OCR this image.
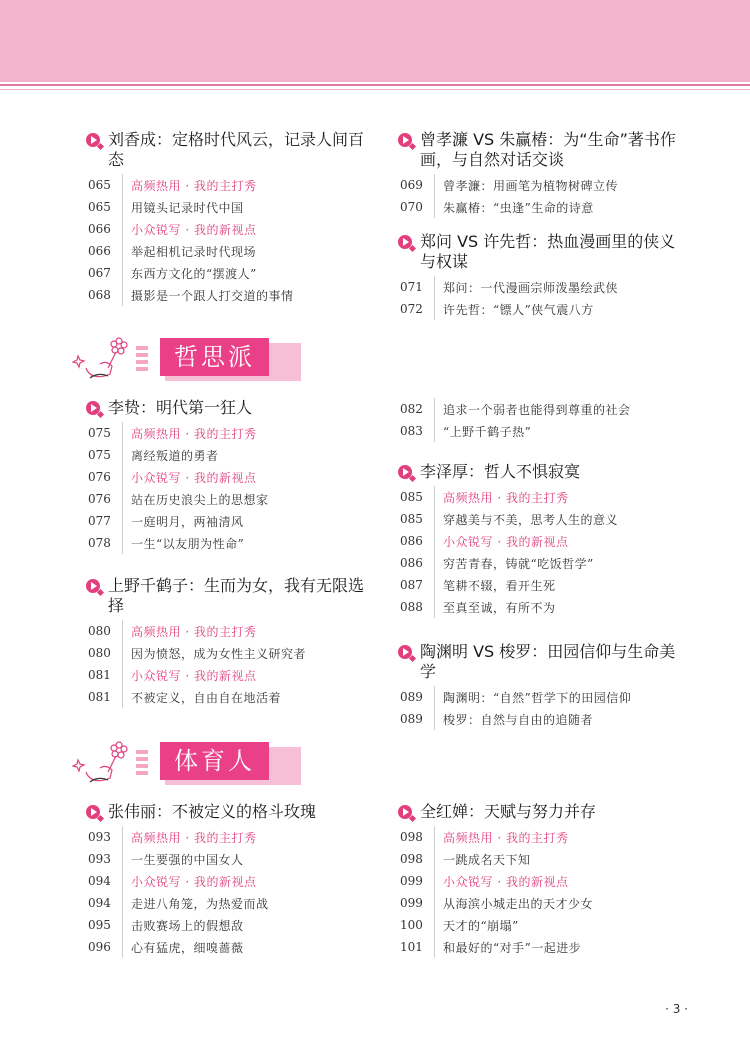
刘香成：定格时代风云，记录人间百态
065	高频热用 · 我的主打秀
065	用镜头记录时代中国
066	小众锐写 · 我的新视点
066	举起相机记录时代现场
067	东西方文化的“摆渡人”
068	摄影是一个跟人打交道的事情
曾孝濂 VS 朱赢椿：为“生命”著书作画，与自然对话交谈
069	曾孝濂：用画笔为植物树碑立传
070	朱赢椿：“虫逢”生命的诗意
郑问 VS 许先哲：热血漫画里的侠义与权谋
071	郑问：一代漫画宗师泼墨绘武侠
072	许先哲：“镖人”侠气震八方
哲思派
李贽：明代第一狂人
075	高频热用 · 我的主打秀
075	离经叛道的勇者
076	小众锐写 · 我的新视点
076	站在历史浪尖上的思想家
077	一庭明月，两袖清风
078	一生“以友朋为性命”
082	追求一个弱者也能得到尊重的社会
083	“上野千鹤子热”
李泽厚：哲人不惧寂寞
085	高频热用 · 我的主打秀
085	穿越美与不美，思考人生的意义
086	小众锐写 · 我的新视点
086	穷苦青春，铸就“吃饭哲学”
087	笔耕不辍，看开生死
088	至真至诚，有所不为
上野千鹤子：生而为女，我有无限选择
080	高频热用 · 我的主打秀
080	因为愤怒，成为女性主义研究者
081	小众锐写 · 我的新视点
081	不被定义，自由自在地活着
陶渊明 VS 梭罗：田园信仰与生命美学
089	陶渊明：“自然”哲学下的田园信仰
089	梭罗：自然与自由的追随者
体育人
张伟丽：不被定义的格斗玫瑰
093	高频热用 · 我的主打秀
093	一生要强的中国女人
094	小众锐写 · 我的新视点
094	走进八角笼，为热爱而战
095	击败赛场上的假想敌
096	心有猛虎，细嗅蔷薇
全红婵：天赋与努力并存
098	高频热用 · 我的主打秀
098	一跳成名天下知
099	小众锐写 · 我的新视点
099	从海滨小城走出的天才少女
100	天才的“崩塌”
101	和最好的“对手”一起进步
· 3 ·
